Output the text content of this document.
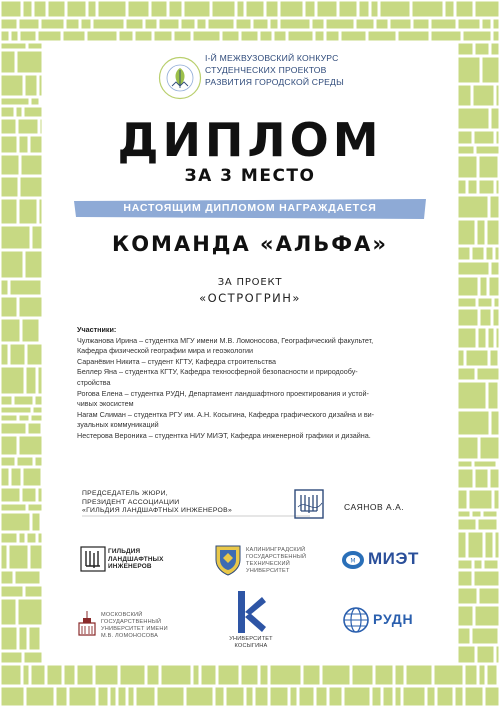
I-Й МЕЖВУЗОВСКИЙ КОНКУРС
СТУДЕНЧЕСКИХ ПРОЕКТОВ
РАЗВИТИЯ ГОРОДСКОЙ СРЕДЫ
ДИПЛОМ
ЗА 3 МЕСТО
НАСТОЯЩИМ ДИПЛОМОМ НАГРАЖДАЕТСЯ
КОМАНДА «АЛЬФА»
ЗА ПРОЕКТ
«ОСТРОГРИН»
Участники:
Чулжанова Ирина – студентка МГУ имени М.В. Ломоносова, Географический факультет,
Кафедра физической географии мира и геоэкологии
Саранёвин Никита – студент КГТУ, Кафедра строительства
Беллер Яна – студентка КГТУ, Кафедра техносферной безопасности и природообу-
стройства
Рогова Елена – студентка РУДН, Департамент ландшафтного проектирования и устой-
чивых экосистем
Нагам Слиман – студентка РГУ им. А.Н. Косыгина, Кафедра графического дизайна и ви-
зуальных коммуникаций
Нестерова Вероника – студентка НИУ МИЭТ, Кафедра инженерной графики и дизайна.
ПРЕДСЕДАТЕЛЬ ЖЮРИ,
ПРЕЗИДЕНТ АССОЦИАЦИИ
«ГИЛЬДИЯ ЛАНДШАФТНЫХ ИНЖЕНЕРОВ»	САЯНОВ А.А.
ГИЛЬДИЯ
ЛАНДШАФТНЫХ
ИНЖЕНЕРОВ
КАЛИНИНГРАДСКИЙ
ГОСУДАРСТВЕННЫЙ
ТЕХНИЧЕСКИЙ
УНИВЕРСИТЕТ
M МИЭТ
МОСКОВСКИЙ
ГОСУДАРСТВЕННЫЙ
УНИВЕРСИТЕТ ИМЕНИ
М.В. ЛОМОНОСОВА	УНИВЕРСИТЕТ
КОСЫГИНА
РУДН
